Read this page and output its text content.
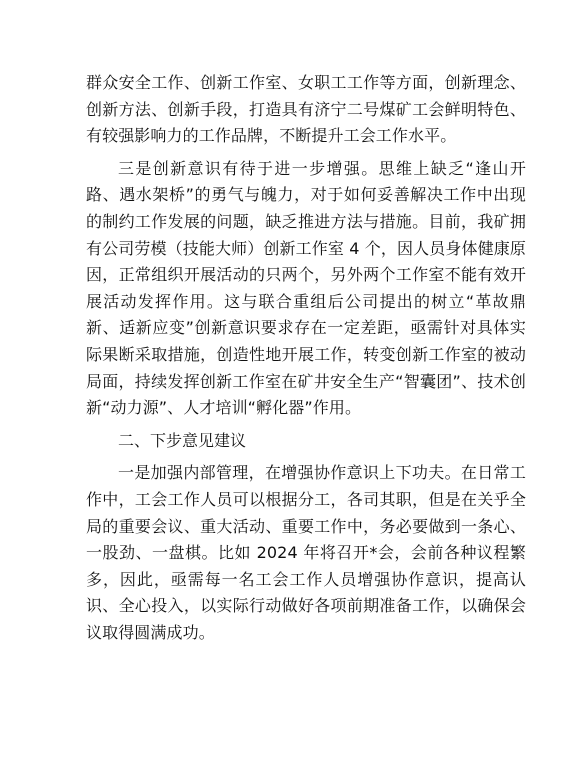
群众安全工作、创新工作室、女职工工作等方面，创新理念、创新方法、创新手段，打造具有济宁二号煤矿工会鲜明特色、有较强影响力的工作品牌，不断提升工会工作水平。

三是创新意识有待于进一步增强。思维上缺乏“逢山开路、遇水架桥”的勇气与魄力，对于如何妥善解决工作中出现的制约工作发展的问题，缺乏推进方法与措施。目前，我矿拥有公司劳模（技能大师）创新工作室 4 个，因人员身体健康原因，正常组织开展活动的只两个，另外两个工作室不能有效开展活动发挥作用。这与联合重组后公司提出的树立“革故鼎新、适新应变”创新意识要求存在一定差距，亟需针对具体实际果断采取措施，创造性地开展工作，转变创新工作室的被动局面，持续发挥创新工作室在矿井安全生产“智囊团”、技术创新“动力源”、人才培训“孵化器”作用。

二、下步意见建议

一是加强内部管理，在增强协作意识上下功夫。在日常工作中，工会工作人员可以根据分工，各司其职，但是在关乎全局的重要会议、重大活动、重要工作中，务必要做到一条心、一股劲、一盘棋。比如 2024 年将召开*会，会前各种议程繁多，因此，亟需每一名工会工作人员增强协作意识，提高认识、全心投入，以实际行动做好各项前期准备工作，以确保会议取得圆满成功。
